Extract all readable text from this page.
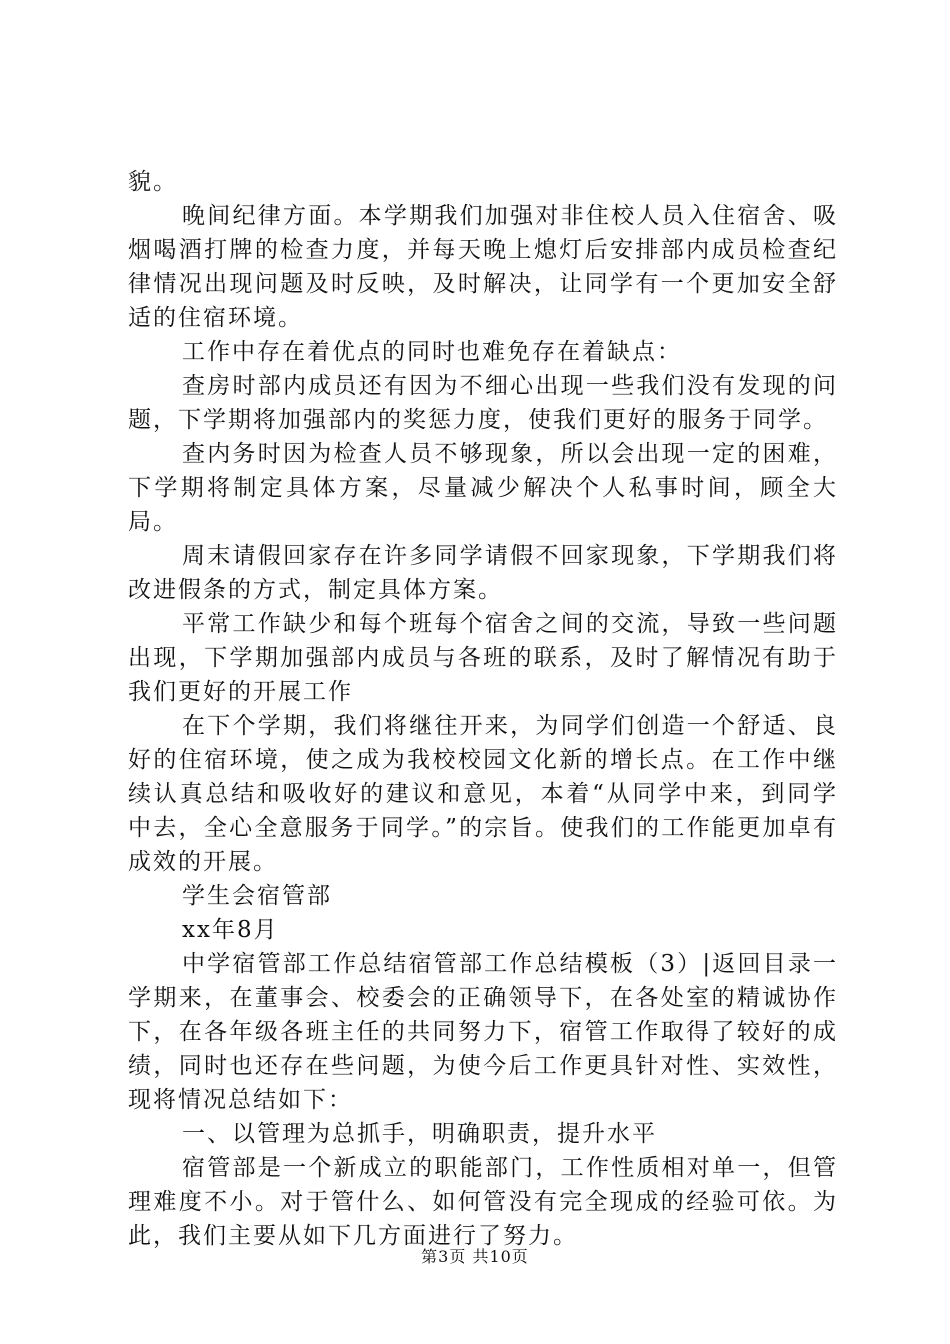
貌。

晚间纪律方面。本学期我们加强对非住校人员入住宿舍、吸烟喝酒打牌的检查力度，并每天晚上熄灯后安排部内成员检查纪律情况出现问题及时反映，及时解决，让同学有一个更加安全舒适的住宿环境。

工作中存在着优点的同时也难免存在着缺点：

查房时部内成员还有因为不细心出现一些我们没有发现的问题，下学期将加强部内的奖惩力度，使我们更好的服务于同学。

查内务时因为检查人员不够现象，所以会出现一定的困难，下学期将制定具体方案，尽量减少解决个人私事时间，顾全大局。

周末请假回家存在许多同学请假不回家现象，下学期我们将改进假条的方式，制定具体方案。

平常工作缺少和每个班每个宿舍之间的交流，导致一些问题出现，下学期加强部内成员与各班的联系，及时了解情况有助于我们更好的开展工作

在下个学期，我们将继往开来，为同学们创造一个舒适、良好的住宿环境，使之成为我校校园文化新的增长点。在工作中继续认真总结和吸收好的建议和意见，本着“从同学中来，到同学中去，全心全意服务于同学。”的宗旨。使我们的工作能更加卓有成效的开展。

学生会宿管部

xx年8月

中学宿管部工作总结宿管部工作总结模板（3）|返回目录一学期来，在董事会、校委会的正确领导下，在各处室的精诚协作下，在各年级各班主任的共同努力下，宿管工作取得了较好的成绩，同时也还存在些问题，为使今后工作更具针对性、实效性，现将情况总结如下：

一、以管理为总抓手，明确职责，提升水平

宿管部是一个新成立的职能部门，工作性质相对单一，但管理难度不小。对于管什么、如何管没有完全现成的经验可依。为此，我们主要从如下几方面进行了努力。

第3页 共10页
